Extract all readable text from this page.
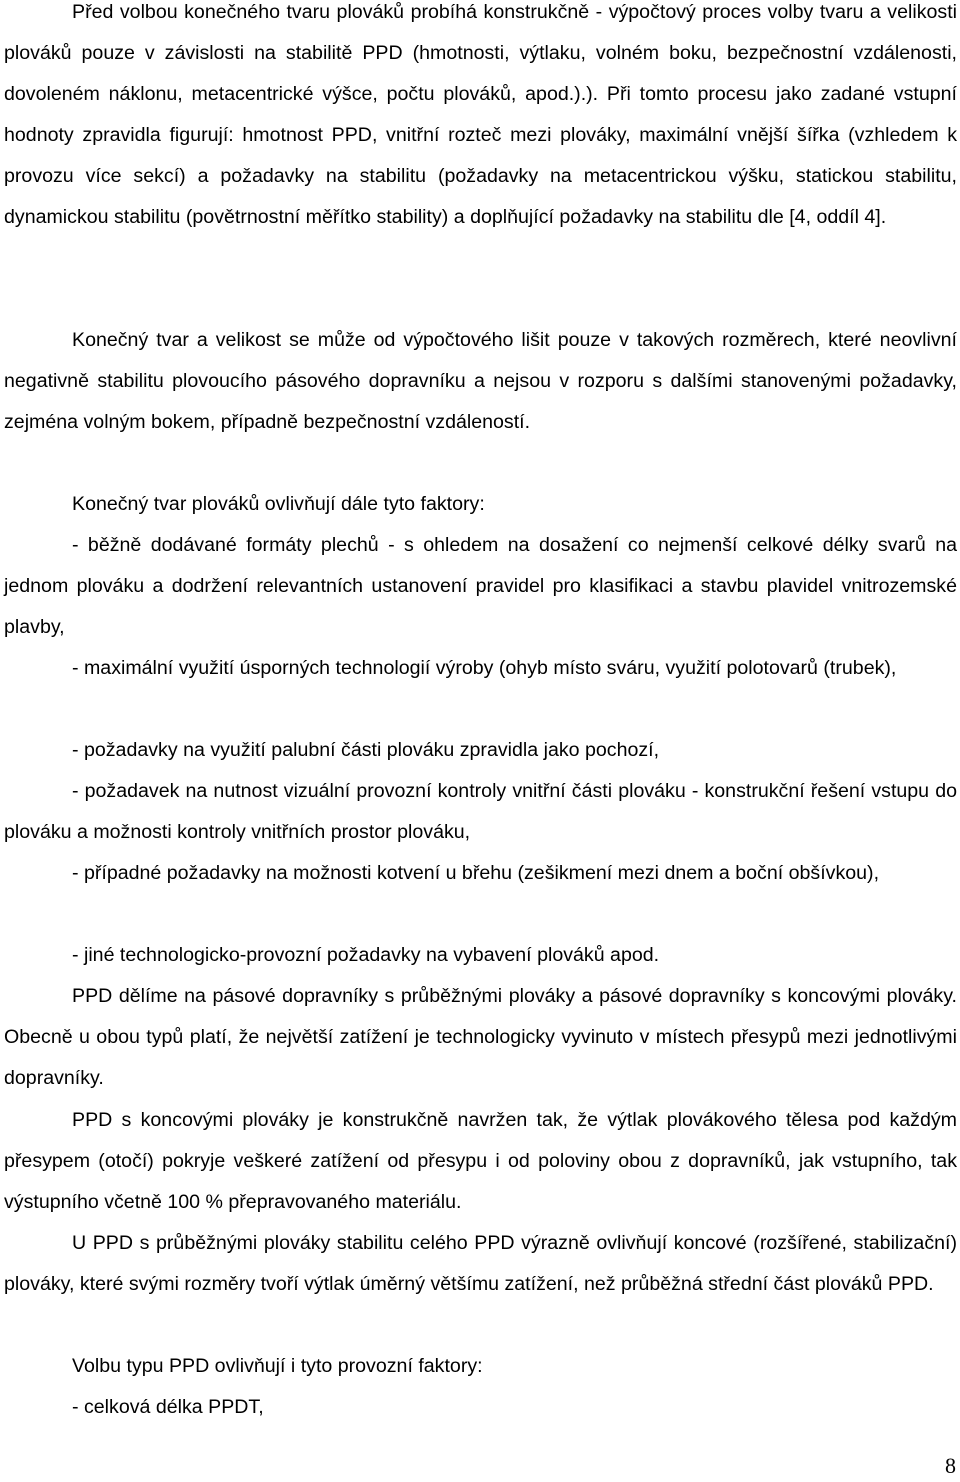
Před volbou konečného tvaru plováků probíhá konstrukčně - výpočtový proces volby tvaru a velikosti plováků pouze v závislosti na stabilitě PPD (hmotnosti, výtlaku, volném boku, bezpečnostní vzdálenosti, dovoleném náklonu, metacentrické výšce, počtu plováků, apod.).). Při tomto procesu jako zadané vstupní hodnoty zpravidla figurují: hmotnost PPD, vnitřní rozteč mezi plováky, maximální vnější šířka (vzhledem k provozu více sekcí) a požadavky na stabilitu (požadavky na metacentrickou výšku, statickou stabilitu, dynamickou stabilitu (povětrnostní měřítko stability) a doplňující požadavky na stabilitu dle [4, oddíl 4].

Konečný tvar a velikost se může od výpočtového lišit pouze v takových rozměrech, které neovlivní negativně stabilitu plovoucího pásového dopravníku a nejsou v rozporu s dalšími stanovenými požadavky, zejména volným bokem, případně bezpečnostní vzdáleností.

Konečný tvar plováků ovlivňují dále tyto faktory:

- běžně dodávané formáty plechů - s ohledem na dosažení co nejmenší celkové délky svarů na jednom plováku a dodržení relevantních ustanovení pravidel pro klasifikaci a stavbu plavidel vnitrozemské plavby,

- maximální využití úsporných technologií výroby (ohyb místo sváru, využití polotovarů (trubek),

- požadavky na využití palubní části plováku zpravidla jako pochozí,

- požadavek na nutnost vizuální provozní kontroly vnitřní části plováku - konstrukční řešení vstupu do plováku a možnosti kontroly vnitřních prostor plováku,

- případné požadavky na možnosti kotvení u břehu (zešikmení mezi dnem a boční obšívkou),

- jiné technologicko-provozní požadavky na vybavení plováků apod.

PPD dělíme na pásové dopravníky s průběžnými plováky a pásové dopravníky s koncovými plováky. Obecně u obou typů platí, že největší zatížení je technologicky vyvinuto v místech přesypů mezi jednotlivými dopravníky.

PPD s koncovými plováky je konstrukčně navržen tak, že výtlak plovákového tělesa pod každým přesypem (otočí) pokryje veškeré zatížení od přesypu i od poloviny obou z dopravníků, jak vstupního, tak výstupního včetně 100 % přepravovaného materiálu.

U PPD s průběžnými plováky stabilitu celého PPD výrazně ovlivňují koncové (rozšířené, stabilizační) plováky, které svými rozměry tvoří výtlak úměrný většímu zatížení, než průběžná střední část plováků PPD.

Volbu typu PPD ovlivňují i tyto provozní faktory:

- celková délka PPDT,

8
